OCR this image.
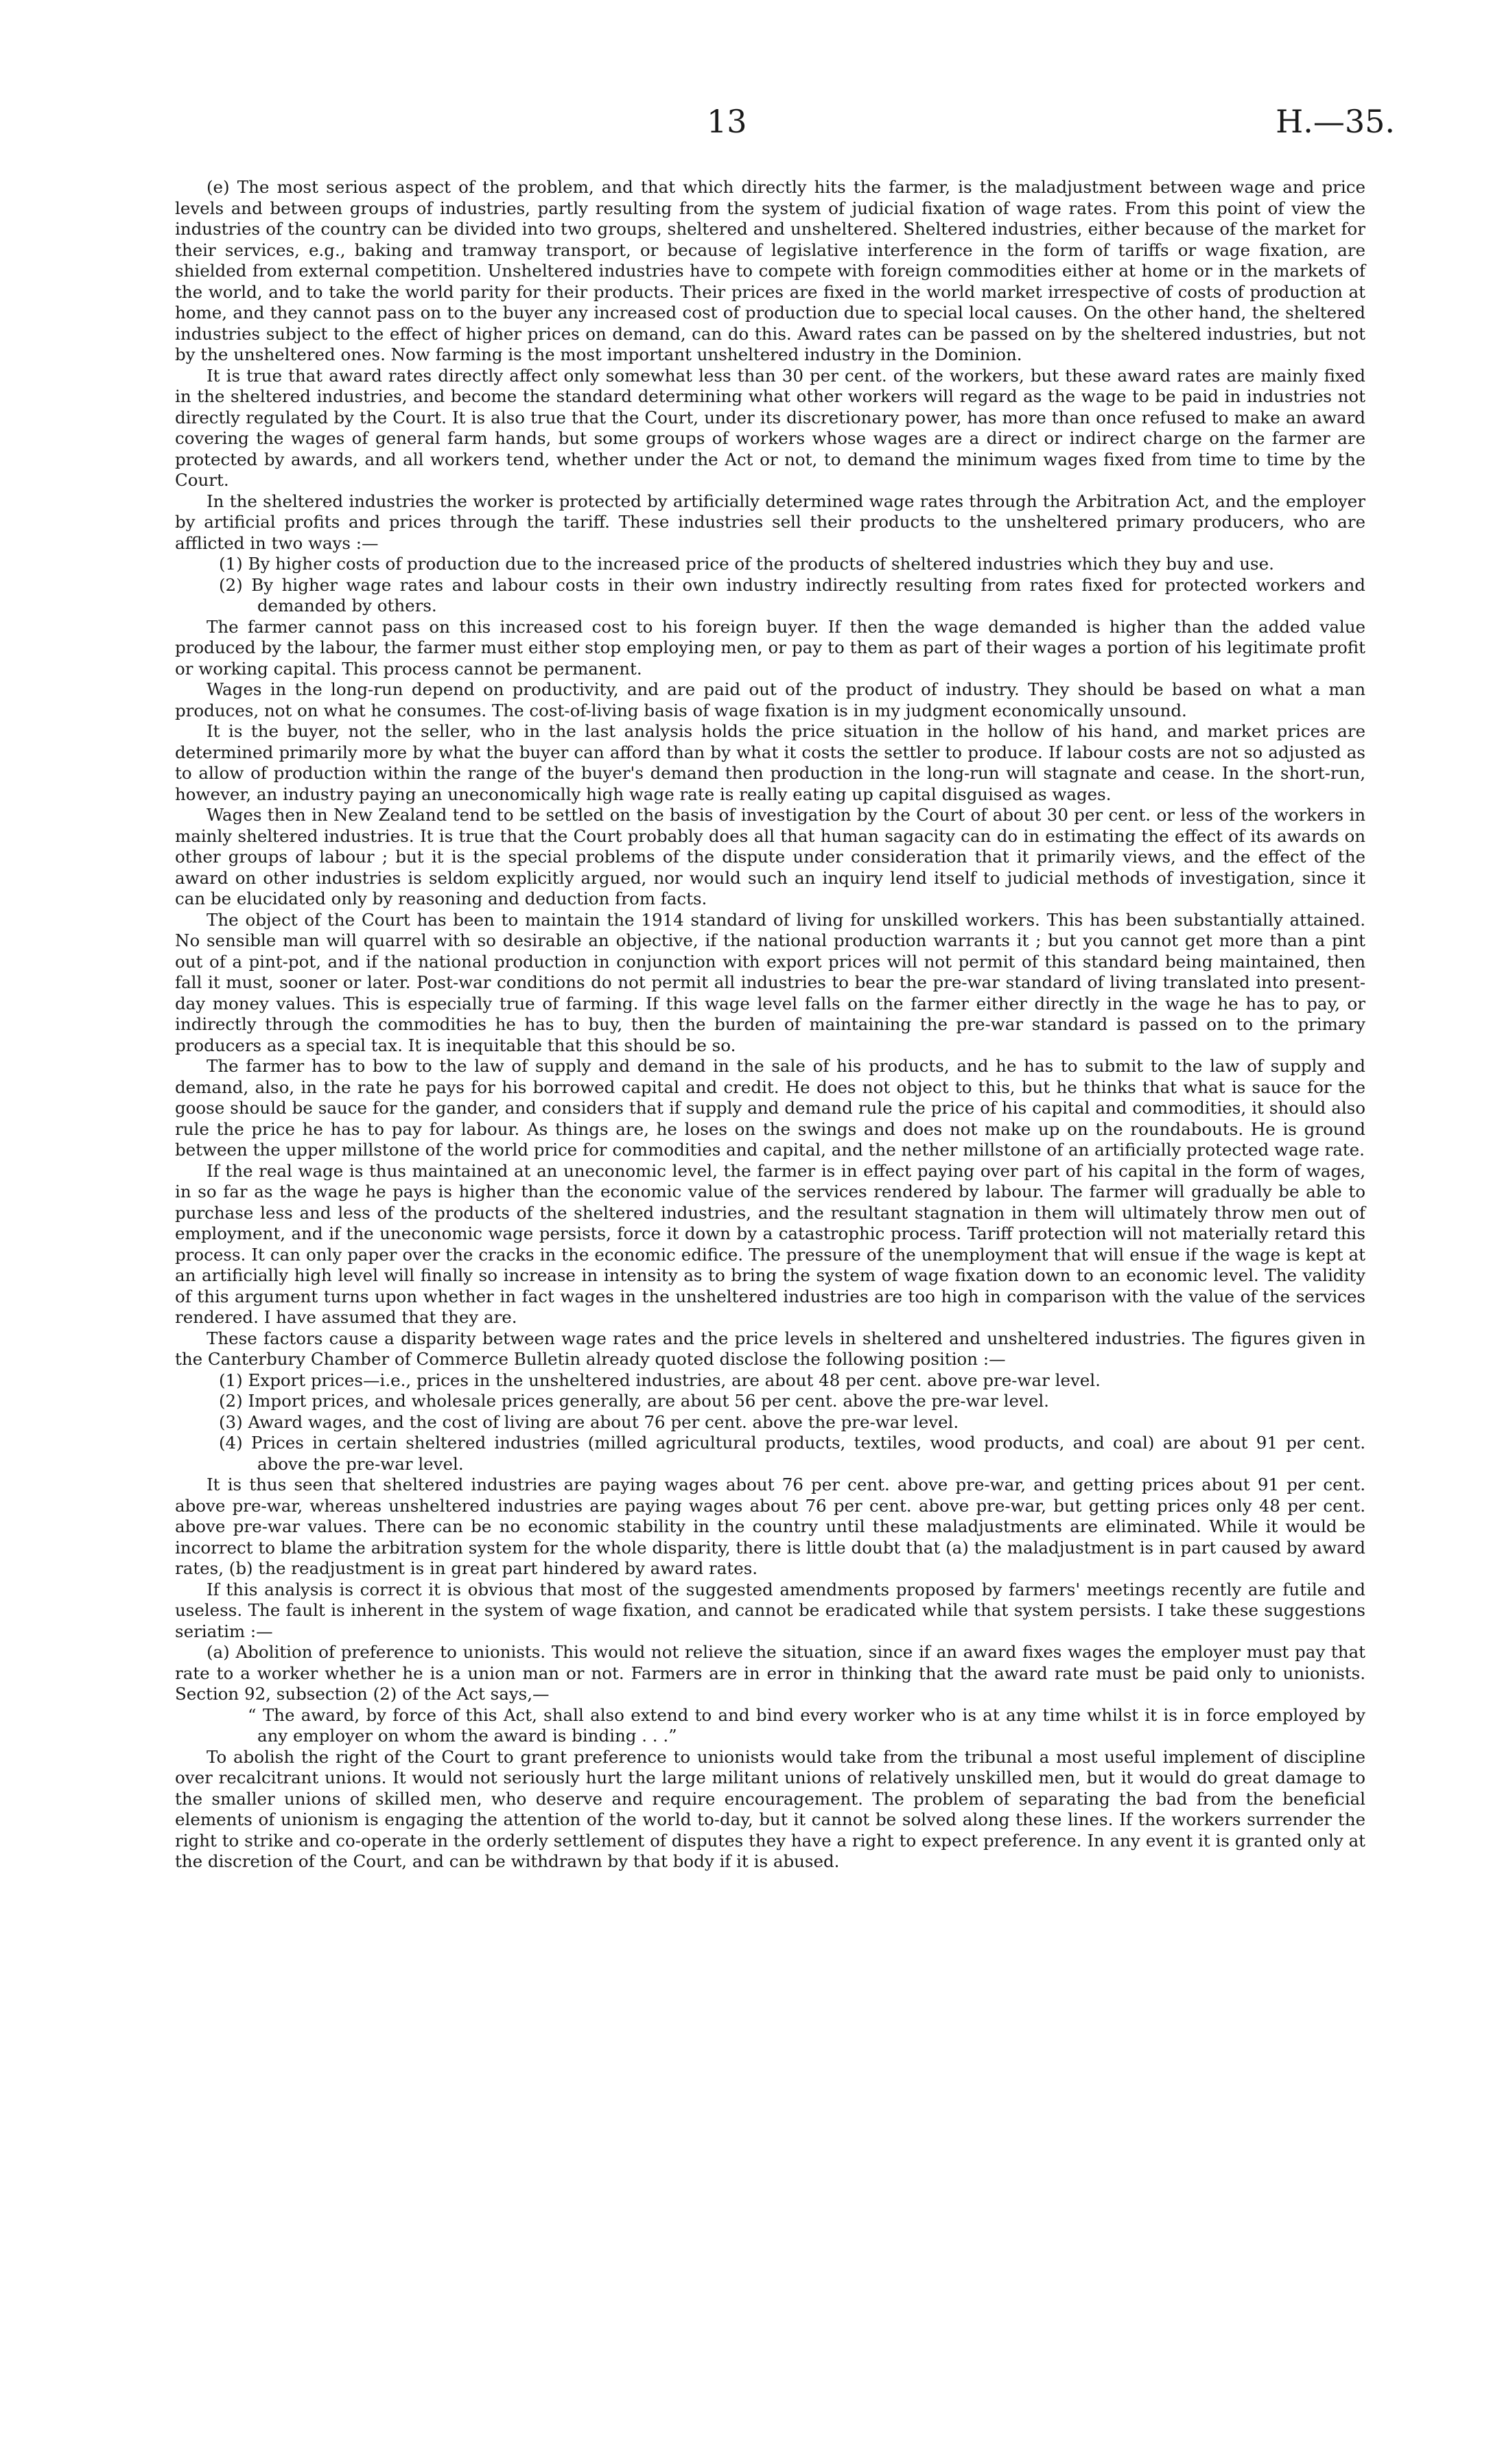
13	H.—35.

(e) The most serious aspect of the problem, and that which directly hits the farmer, is the maladjustment between wage and price levels and between groups of industries, partly resulting from the system of judicial fixation of wage rates. From this point of view the industries of the country can be divided into two groups, sheltered and unsheltered. Sheltered industries, either because of the market for their services, e.g., baking and tramway transport, or because of legislative interference in the form of tariffs or wage fixation, are shielded from external competition. Unsheltered industries have to compete with foreign commodities either at home or in the markets of the world, and to take the world parity for their products. Their prices are fixed in the world market irrespective of costs of production at home, and they cannot pass on to the buyer any increased cost of production due to special local causes. On the other hand, the sheltered industries subject to the effect of higher prices on demand, can do this. Award rates can be passed on by the sheltered industries, but not by the unsheltered ones. Now farming is the most important unsheltered industry in the Dominion.

It is true that award rates directly affect only somewhat less than 30 per cent. of the workers, but these award rates are mainly fixed in the sheltered industries, and become the standard determining what other workers will regard as the wage to be paid in industries not directly regulated by the Court. It is also true that the Court, under its discretionary power, has more than once refused to make an award covering the wages of general farm hands, but some groups of workers whose wages are a direct or indirect charge on the farmer are protected by awards, and all workers tend, whether under the Act or not, to demand the minimum wages fixed from time to time by the Court.

In the sheltered industries the worker is protected by artificially determined wage rates through the Arbitration Act, and the employer by artificial profits and prices through the tariff. These industries sell their products to the unsheltered primary producers, who are afflicted in two ways :—

(1) By higher costs of production due to the increased price of the products of sheltered industries which they buy and use.
(2) By higher wage rates and labour costs in their own industry indirectly resulting from rates fixed for protected workers and demanded by others.

The farmer cannot pass on this increased cost to his foreign buyer. If then the wage demanded is higher than the added value produced by the labour, the farmer must either stop employing men, or pay to them as part of their wages a portion of his legitimate profit or working capital. This process cannot be permanent.

Wages in the long-run depend on productivity, and are paid out of the product of industry. They should be based on what a man produces, not on what he consumes. The cost-of-living basis of wage fixation is in my judgment economically unsound.

It is the buyer, not the seller, who in the last analysis holds the price situation in the hollow of his hand, and market prices are determined primarily more by what the buyer can afford than by what it costs the settler to produce. If labour costs are not so adjusted as to allow of production within the range of the buyer's demand then production in the long-run will stagnate and cease. In the short-run, however, an industry paying an uneconomically high wage rate is really eating up capital disguised as wages.

Wages then in New Zealand tend to be settled on the basis of investigation by the Court of about 30 per cent. or less of the workers in mainly sheltered industries. It is true that the Court probably does all that human sagacity can do in estimating the effect of its awards on other groups of labour ; but it is the special problems of the dispute under consideration that it primarily views, and the effect of the award on other industries is seldom explicitly argued, nor would such an inquiry lend itself to judicial methods of investigation, since it can be elucidated only by reasoning and deduction from facts.

The object of the Court has been to maintain the 1914 standard of living for unskilled workers. This has been substantially attained. No sensible man will quarrel with so desirable an objective, if the national production warrants it ; but you cannot get more than a pint out of a pint-pot, and if the national production in conjunction with export prices will not permit of this standard being maintained, then fall it must, sooner or later. Post-war conditions do not permit all industries to bear the pre-war standard of living translated into present-day money values. This is especially true of farming. If this wage level falls on the farmer either directly in the wage he has to pay, or indirectly through the commodities he has to buy, then the burden of maintaining the pre-war standard is passed on to the primary producers as a special tax. It is inequitable that this should be so.

The farmer has to bow to the law of supply and demand in the sale of his products, and he has to submit to the law of supply and demand, also, in the rate he pays for his borrowed capital and credit. He does not object to this, but he thinks that what is sauce for the goose should be sauce for the gander, and considers that if supply and demand rule the price of his capital and commodities, it should also rule the price he has to pay for labour. As things are, he loses on the swings and does not make up on the roundabouts. He is ground between the upper millstone of the world price for commodities and capital, and the nether millstone of an artificially protected wage rate.

If the real wage is thus maintained at an uneconomic level, the farmer is in effect paying over part of his capital in the form of wages, in so far as the wage he pays is higher than the economic value of the services rendered by labour. The farmer will gradually be able to purchase less and less of the products of the sheltered industries, and the resultant stagnation in them will ultimately throw men out of employment, and if the uneconomic wage persists, force it down by a catastrophic process. Tariff protection will not materially retard this process. It can only paper over the cracks in the economic edifice. The pressure of the unemployment that will ensue if the wage is kept at an artificially high level will finally so increase in intensity as to bring the system of wage fixation down to an economic level. The validity of this argument turns upon whether in fact wages in the unsheltered industries are too high in comparison with the value of the services rendered. I have assumed that they are.

These factors cause a disparity between wage rates and the price levels in sheltered and unsheltered industries. The figures given in the Canterbury Chamber of Commerce Bulletin already quoted disclose the following position :—

(1) Export prices—i.e., prices in the unsheltered industries, are about 48 per cent. above pre-war level.
(2) Import prices, and wholesale prices generally, are about 56 per cent. above the pre-war level.
(3) Award wages, and the cost of living are about 76 per cent. above the pre-war level.
(4) Prices in certain sheltered industries (milled agricultural products, textiles, wood products, and coal) are about 91 per cent. above the pre-war level.

It is thus seen that sheltered industries are paying wages about 76 per cent. above pre-war, and getting prices about 91 per cent. above pre-war, whereas unsheltered industries are paying wages about 76 per cent. above pre-war, but getting prices only 48 per cent. above pre-war values. There can be no economic stability in the country until these maladjustments are eliminated. While it would be incorrect to blame the arbitration system for the whole disparity, there is little doubt that (a) the maladjustment is in part caused by award rates, (b) the readjustment is in great part hindered by award rates.

If this analysis is correct it is obvious that most of the suggested amendments proposed by farmers' meetings recently are futile and useless. The fault is inherent in the system of wage fixation, and cannot be eradicated while that system persists. I take these suggestions seriatim :—

(a) Abolition of preference to unionists. This would not relieve the situation, since if an award fixes wages the employer must pay that rate to a worker whether he is a union man or not. Farmers are in error in thinking that the award rate must be paid only to unionists. Section 92, subsection (2) of the Act says,—

“ The award, by force of this Act, shall also extend to and bind every worker who is at any time whilst it is in force employed by any employer on whom the award is binding . . .”

To abolish the right of the Court to grant preference to unionists would take from the tribunal a most useful implement of discipline over recalcitrant unions. It would not seriously hurt the large militant unions of relatively unskilled men, but it would do great damage to the smaller unions of skilled men, who deserve and require encouragement. The problem of separating the bad from the beneficial elements of unionism is engaging the attention of the world to-day, but it cannot be solved along these lines. If the workers surrender the right to strike and co-operate in the orderly settlement of disputes they have a right to expect preference. In any event it is granted only at the discretion of the Court, and can be withdrawn by that body if it is abused.
